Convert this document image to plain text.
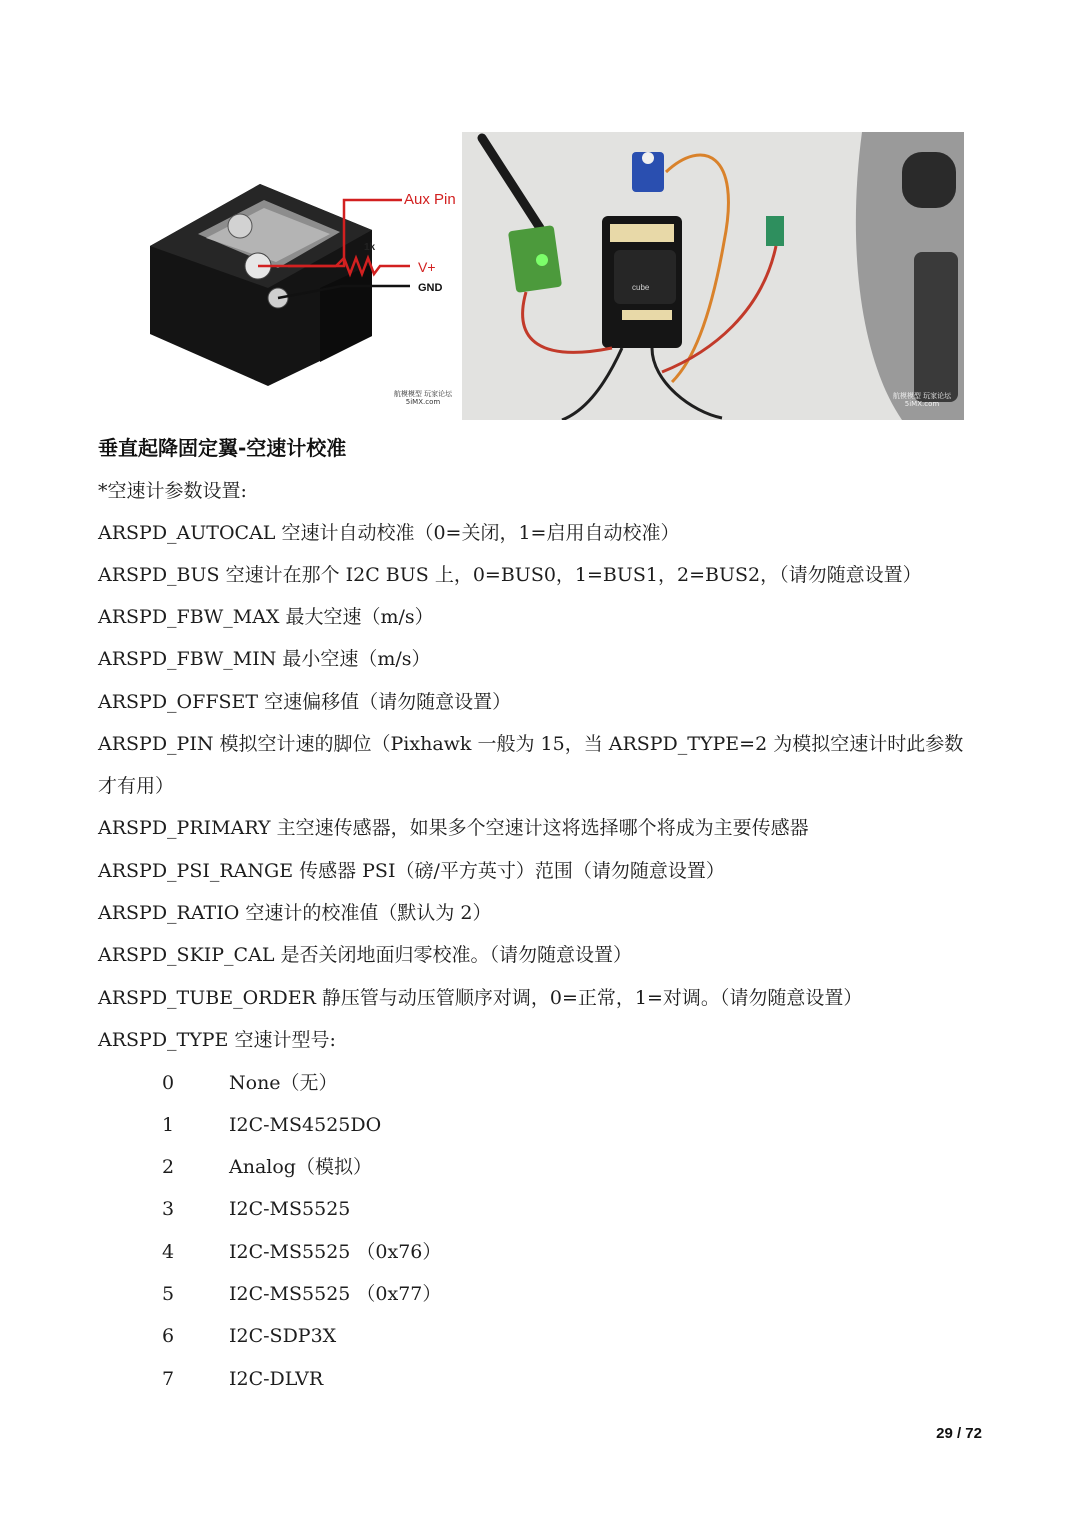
Aux Pin
1k
V+
GND
航模模型 玩家论坛
5iMX.com
cube
航模模型 玩家论坛
5iMX.com
垂直起降固定翼-空速计校准
*空速计参数设置:
ARSPD_AUTOCAL 空速计自动校准（0=关闭，1=启用自动校准）
ARSPD_BUS 空速计在那个 I2C BUS 上，0=BUS0，1=BUS1，2=BUS2，（请勿随意设置）
ARSPD_FBW_MAX 最大空速（m/s）
ARSPD_FBW_MIN 最小空速（m/s）
ARSPD_OFFSET 空速偏移值（请勿随意设置）
ARSPD_PIN 模拟空计速的脚位（Pixhawk 一般为 15，当 ARSPD_TYPE=2 为模拟空速计时此参数
才有用）
ARSPD_PRIMARY 主空速传感器，如果多个空速计这将选择哪个将成为主要传感器
ARSPD_PSI_RANGE 传感器 PSI（磅/平方英寸）范围（请勿随意设置）
ARSPD_RATIO 空速计的校准值（默认为 2）
ARSPD_SKIP_CAL 是否关闭地面归零校准。（请勿随意设置）
ARSPD_TUBE_ORDER 静压管与动压管顺序对调，0=正常，1=对调。（请勿随意设置）
ARSPD_TYPE 空速计型号:
0	None（无）
1	I2C-MS4525DO
2	Analog（模拟）
3	I2C-MS5525
4	I2C-MS5525 （0x76）
5	I2C-MS5525 （0x77）
6	I2C-SDP3X
7	I2C-DLVR
29 / 72
